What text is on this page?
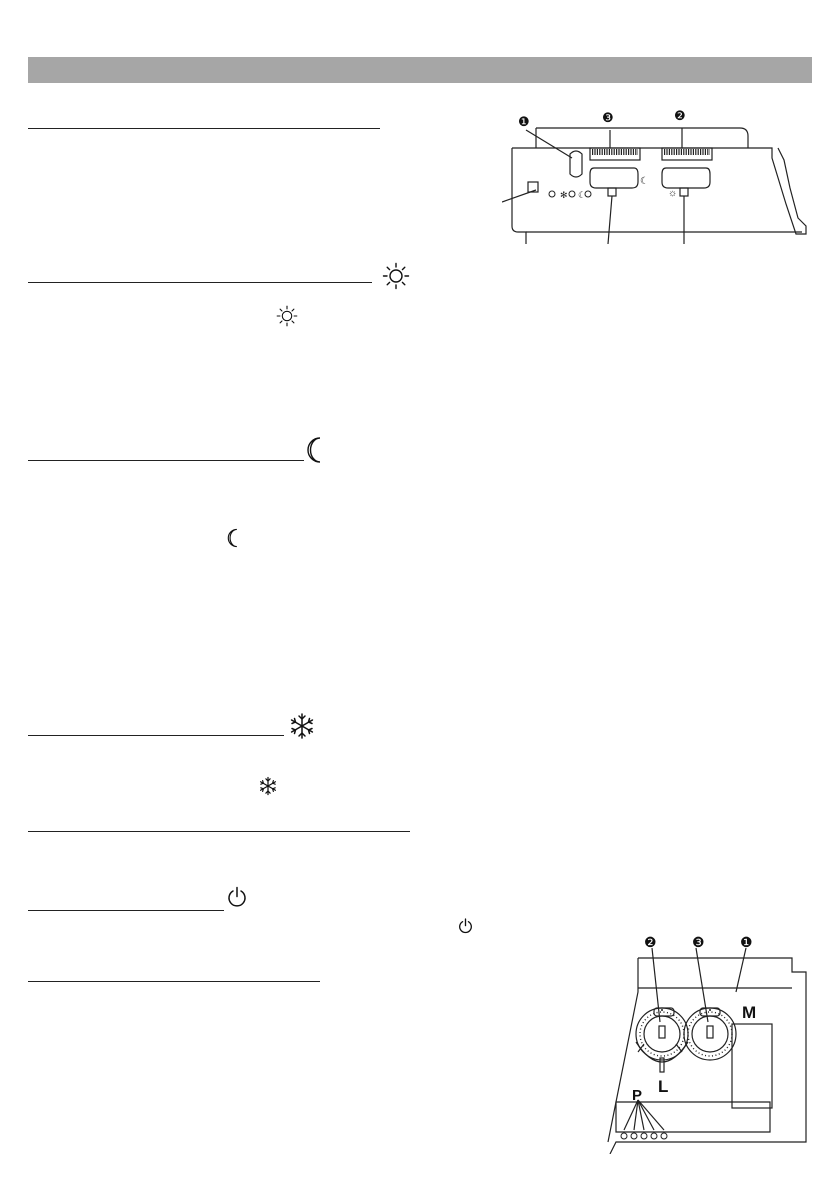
✻ ☾
☾
☼
❶	❸	❷
❷	❸	❶
M
L
P
